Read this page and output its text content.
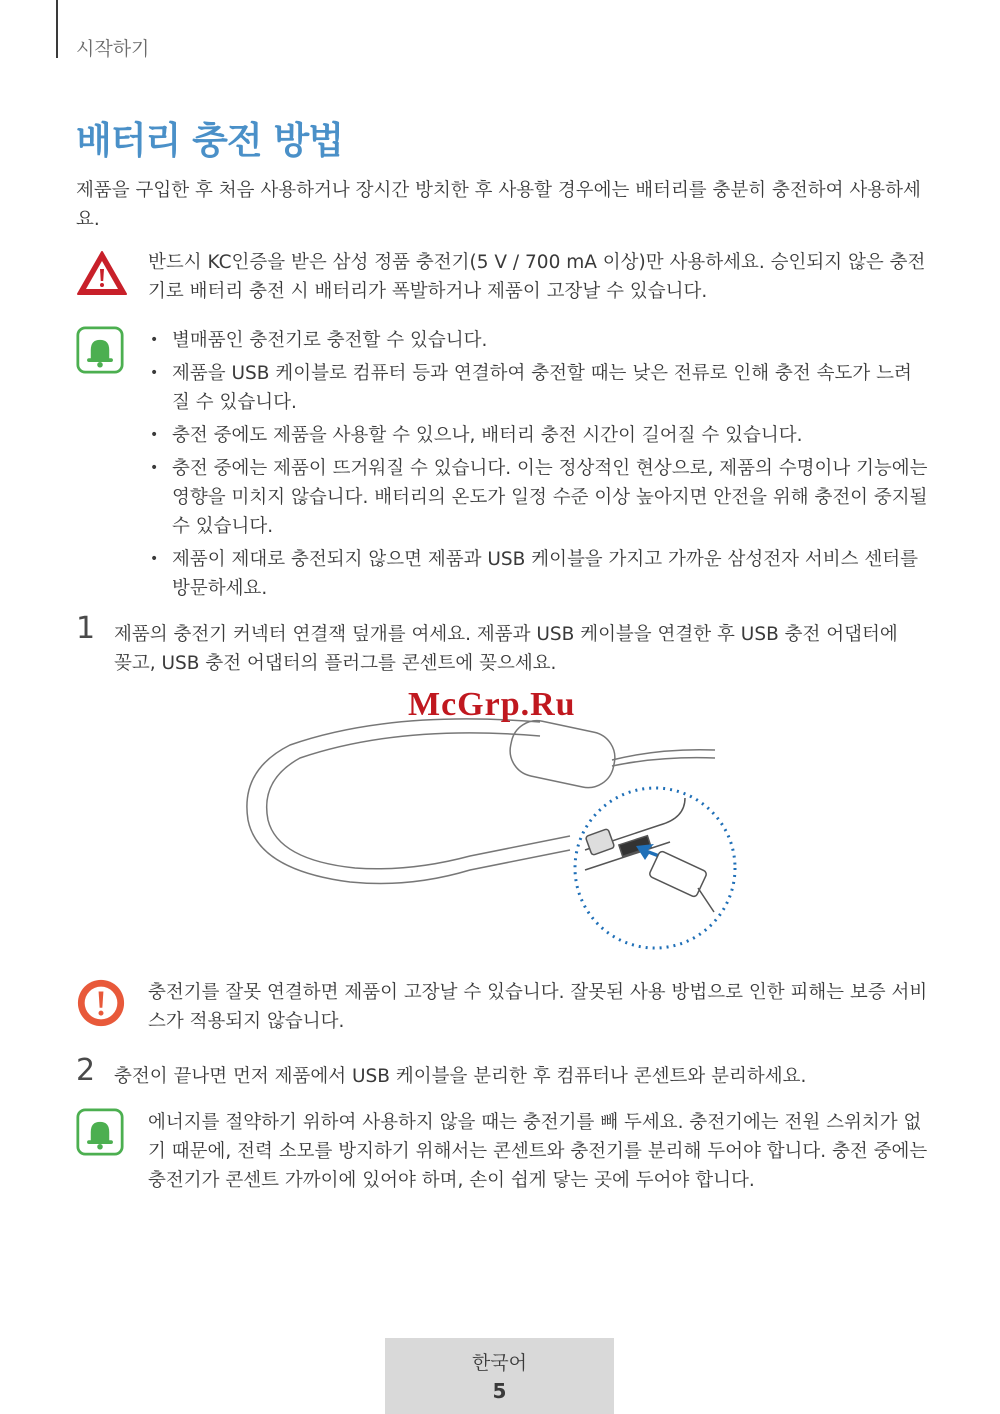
시작하기
배터리 충전 방법
제품을 구입한 후 처음 사용하거나 장시간 방치한 후 사용할 경우에는 배터리를 충분히 충전하여 사용하세요.
반드시 KC인증을 받은 삼성 정품 충전기(5 V / 700 mA 이상)만 사용하세요. 승인되지 않은 충전기로 배터리 충전 시 배터리가 폭발하거나 제품이 고장날 수 있습니다.
• 별매품인 충전기로 충전할 수 있습니다.
• 제품을 USB 케이블로 컴퓨터 등과 연결하여 충전할 때는 낮은 전류로 인해 충전 속도가 느려질 수 있습니다.
• 충전 중에도 제품을 사용할 수 있으나, 배터리 충전 시간이 길어질 수 있습니다.
• 충전 중에는 제품이 뜨거워질 수 있습니다. 이는 정상적인 현상으로, 제품의 수명이나 기능에는 영향을 미치지 않습니다. 배터리의 온도가 일정 수준 이상 높아지면 안전을 위해 충전이 중지될 수 있습니다.
• 제품이 제대로 충전되지 않으면 제품과 USB 케이블을 가지고 가까운 삼성전자 서비스 센터를 방문하세요.
1 제품의 충전기 커넥터 연결잭 덮개를 여세요. 제품과 USB 케이블을 연결한 후 USB 충전 어댑터에 꽂고, USB 충전 어댑터의 플러그를 콘센트에 꽂으세요.
McGrp.Ru
충전기를 잘못 연결하면 제품이 고장날 수 있습니다. 잘못된 사용 방법으로 인한 피해는 보증 서비스가 적용되지 않습니다.
2 충전이 끝나면 먼저 제품에서 USB 케이블을 분리한 후 컴퓨터나 콘센트와 분리하세요.
에너지를 절약하기 위하여 사용하지 않을 때는 충전기를 빼 두세요. 충전기에는 전원 스위치가 없기 때문에, 전력 소모를 방지하기 위해서는 콘센트와 충전기를 분리해 두어야 합니다. 충전 중에는 충전기가 콘센트 가까이에 있어야 하며, 손이 쉽게 닿는 곳에 두어야 합니다.
한국어
5
